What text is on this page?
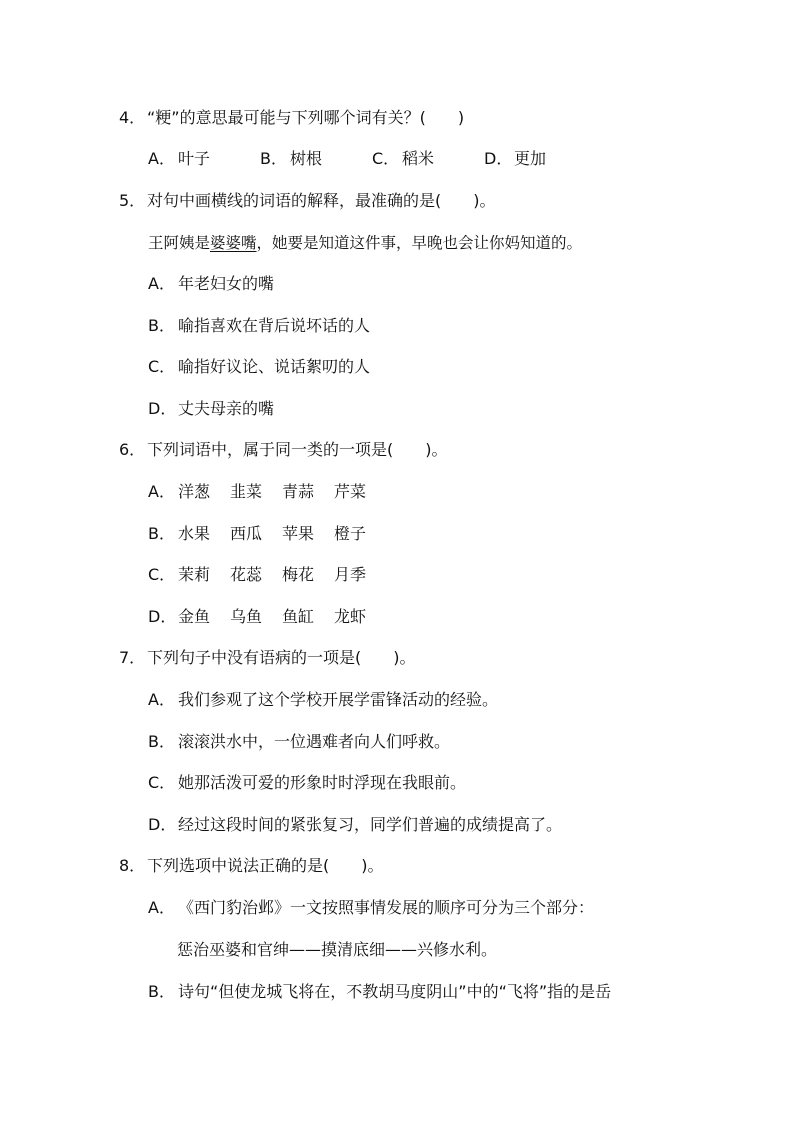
4． “粳”的意思最可能与下列哪个词有关？(　　)
A． 叶子	B． 树根	C． 稻米	D． 更加
5． 对句中画横线的词语的解释，最准确的是(　　)。
王阿姨是婆婆嘴，她要是知道这件事，早晚也会让你妈知道的。
A． 年老妇女的嘴
B． 喻指喜欢在背后说坏话的人
C． 喻指好议论、说话絮叨的人
D． 丈夫母亲的嘴
6． 下列词语中，属于同一类的一项是(　　)。
A． 洋葱 韭菜 青蒜 芹菜
B． 水果 西瓜 苹果 橙子
C． 茉莉 花蕊 梅花 月季
D． 金鱼 乌鱼 鱼缸 龙虾
7． 下列句子中没有语病的一项是(　　)。
A． 我们参观了这个学校开展学雷锋活动的经验。
B． 滚滚洪水中，一位遇难者向人们呼救。
C． 她那活泼可爱的形象时时浮现在我眼前。
D． 经过这段时间的紧张复习，同学们普遍的成绩提高了。
8． 下列选项中说法正确的是(　　)。
A． 《西门豹治邺》一文按照事情发展的顺序可分为三个部分：
惩治巫婆和官绅——摸清底细——兴修水利。
B． 诗句“但使龙城飞将在，不教胡马度阴山”中的“飞将”指的是岳
